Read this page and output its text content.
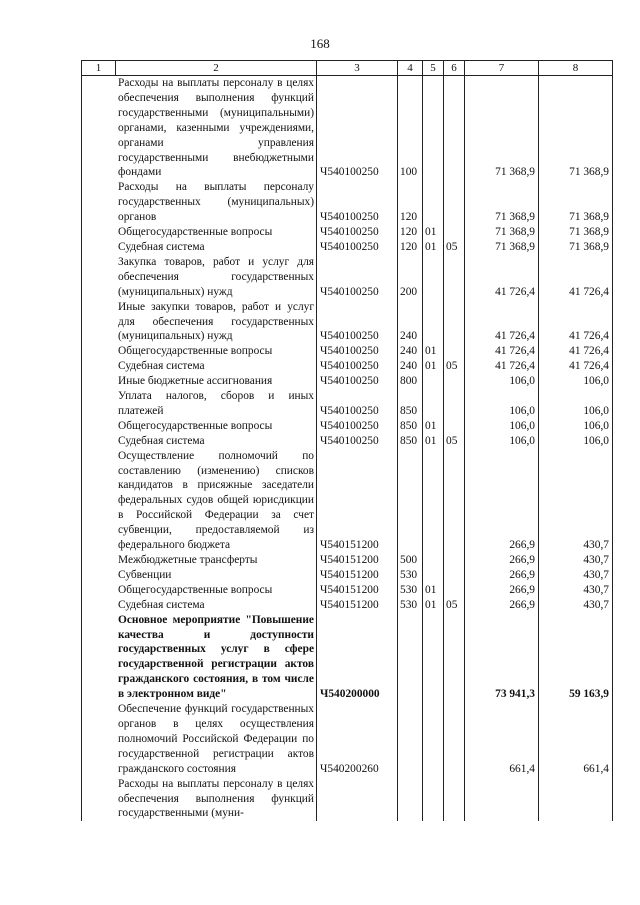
168
1	2	3	4	5	6	7	8
Расходы на выплаты персоналу в целях обеспечения выполнения функций государственными (муниципальными) органами, казенными учреждениями, органами управления государственными внебюджетными фондами		Ч540100250	100			71 368,9	71 368,9
Расходы на выплаты персоналу государственных (муниципальных) органов		Ч540100250	120			71 368,9	71 368,9
Общегосударственные вопросы		Ч540100250	120	01		71 368,9	71 368,9
Судебная система		Ч540100250	120	01	05	71 368,9	71 368,9
Закупка товаров, работ и услуг для обеспечения государственных (муниципальных) нужд		Ч540100250	200			41 726,4	41 726,4
Иные закупки товаров, работ и услуг для обеспечения государственных (муниципальных) нужд		Ч540100250	240			41 726,4	41 726,4
Общегосударственные вопросы		Ч540100250	240	01		41 726,4	41 726,4
Судебная система		Ч540100250	240	01	05	41 726,4	41 726,4
Иные бюджетные ассигнования		Ч540100250	800			106,0	106,0
Уплата налогов, сборов и иных платежей		Ч540100250	850			106,0	106,0
Общегосударственные вопросы		Ч540100250	850	01		106,0	106,0
Судебная система		Ч540100250	850	01	05	106,0	106,0
Осуществление полномочий по составлению (изменению) списков кандидатов в присяжные заседатели федеральных судов общей юрисдикции в Российской Федерации за счет субвенции, предоставляемой из федерального бюджета		Ч540151200				266,9	430,7
Межбюджетные трансферты		Ч540151200	500			266,9	430,7
Субвенции		Ч540151200	530			266,9	430,7
Общегосударственные вопросы		Ч540151200	530	01		266,9	430,7
Судебная система		Ч540151200	530	01	05	266,9	430,7
Основное мероприятие "Повышение качества и доступности государственных услуг в сфере государственной регистрации актов гражданского состояния, в том числе в электронном виде"		Ч540200000				73 941,3	59 163,9
Обеспечение функций государственных органов в целях осуществления полномочий Российской Федерации по государственной регистрации актов гражданского состояния		Ч540200260				661,4	661,4
Расходы на выплаты персоналу в целях обеспечения выполнения функций государственными (муни-							
